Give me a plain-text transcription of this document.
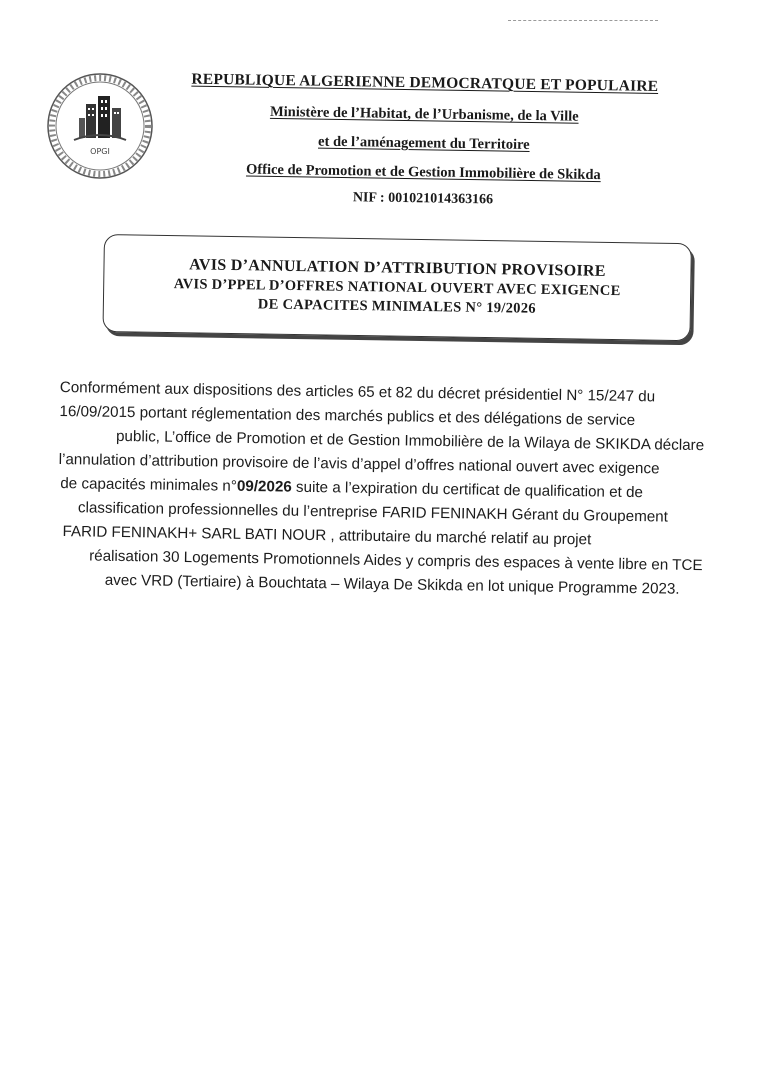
OPGI
REPUBLIQUE ALGERIENNE DEMOCRATQUE ET POPULAIRE
Ministère de l’Habitat, de l’Urbanisme, de la Ville
et de l’aménagement du Territoire
Office de Promotion et de Gestion Immobilière de Skikda
NIF : 001021014363166
AVIS D’ANNULATION D’ATTRIBUTION PROVISOIRE
AVIS D’PPEL D’OFFRES NATIONAL OUVERT AVEC EXIGENCE
DE CAPACITES MINIMALES N° 19/2026
Conformément aux dispositions des articles 65 et 82 du décret présidentiel N° 15/247 du
16/09/2015 portant réglementation des marchés publics et des délégations de service
public, L’office de Promotion et de Gestion Immobilière de la Wilaya de SKIKDA déclare
l’annulation d’attribution provisoire de l’avis d’appel d’offres national ouvert avec exigence
de capacités minimales n°09/2026 suite a l’expiration du certificat de qualification et de
classification professionnelles du l’entreprise FARID FENINAKH Gérant du Groupement
FARID FENINAKH+ SARL BATI NOUR , attributaire du marché relatif au projet
réalisation 30 Logements Promotionnels Aides y compris des espaces à vente libre en TCE
avec VRD (Tertiaire) à Bouchtata – Wilaya De Skikda en lot unique Programme 2023.
